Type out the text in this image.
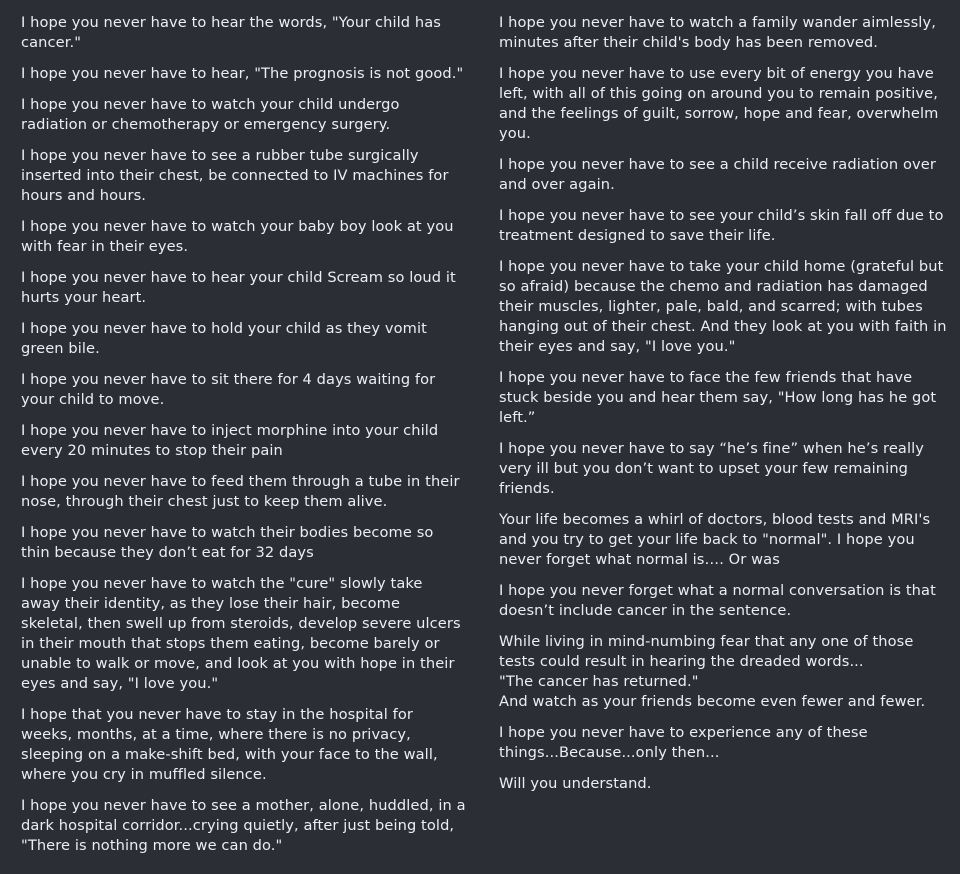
I hope you never have to hear the words, "Your child has cancer."

I hope you never have to hear, "The prognosis is not good."

I hope you never have to watch your child undergo radiation or chemotherapy or emergency surgery.

I hope you never have to see a rubber tube surgically inserted into their chest, be connected to IV machines for hours and hours.

I hope you never have to watch your baby boy look at you with fear in their eyes.

I hope you never have to hear your child Scream so loud it hurts your heart.

I hope you never have to hold your child as they vomit green bile.

I hope you never have to sit there for 4 days waiting for your child to move.

I hope you never have to inject morphine into your child every 20 minutes to stop their pain

I hope you never have to feed them through a tube in their nose, through their chest just to keep them alive.

I hope you never have to watch their bodies become so thin because they don’t eat for 32 days

I hope you never have to watch the "cure" slowly take away their identity, as they lose their hair, become skeletal, then swell up from steroids, develop severe ulcers in their mouth that stops them eating, become barely or unable to walk or move, and look at you with hope in their eyes and say, "I love you."

I hope that you never have to stay in the hospital for weeks, months, at a time, where there is no privacy, sleeping on a make-shift bed, with your face to the wall, where you cry in muffled silence.

I hope you never have to see a mother, alone, huddled, in a dark hospital corridor...crying quietly, after just being told, "There is nothing more we can do."

I hope you never have to watch a family wander aimlessly, minutes after their child's body has been removed.

I hope you never have to use every bit of energy you have left, with all of this going on around you to remain positive, and the feelings of guilt, sorrow, hope and fear, overwhelm you.

I hope you never have to see a child receive radiation over and over again.

I hope you never have to see your child’s skin fall off due to treatment designed to save their life.

I hope you never have to take your child home (grateful but so afraid) because the chemo and radiation has damaged their muscles, lighter, pale, bald, and scarred; with tubes hanging out of their chest. And they look at you with faith in their eyes and say, "I love you."

I hope you never have to face the few friends that have stuck beside you and hear them say, "How long has he got left.”

I hope you never have to say “he’s fine” when he’s really very ill but you don’t want to upset your few remaining friends.

Your life becomes a whirl of doctors, blood tests and MRI's and you try to get your life back to "normal". I hope you never forget what normal is…. Or was

I hope you never forget what a normal conversation is that doesn’t include cancer in the sentence.

While living in mind-numbing fear that any one of those tests could result in hearing the dreaded words...
"The cancer has returned."
And watch as your friends become even fewer and fewer.

I hope you never have to experience any of these things...Because...only then...

Will you understand.
